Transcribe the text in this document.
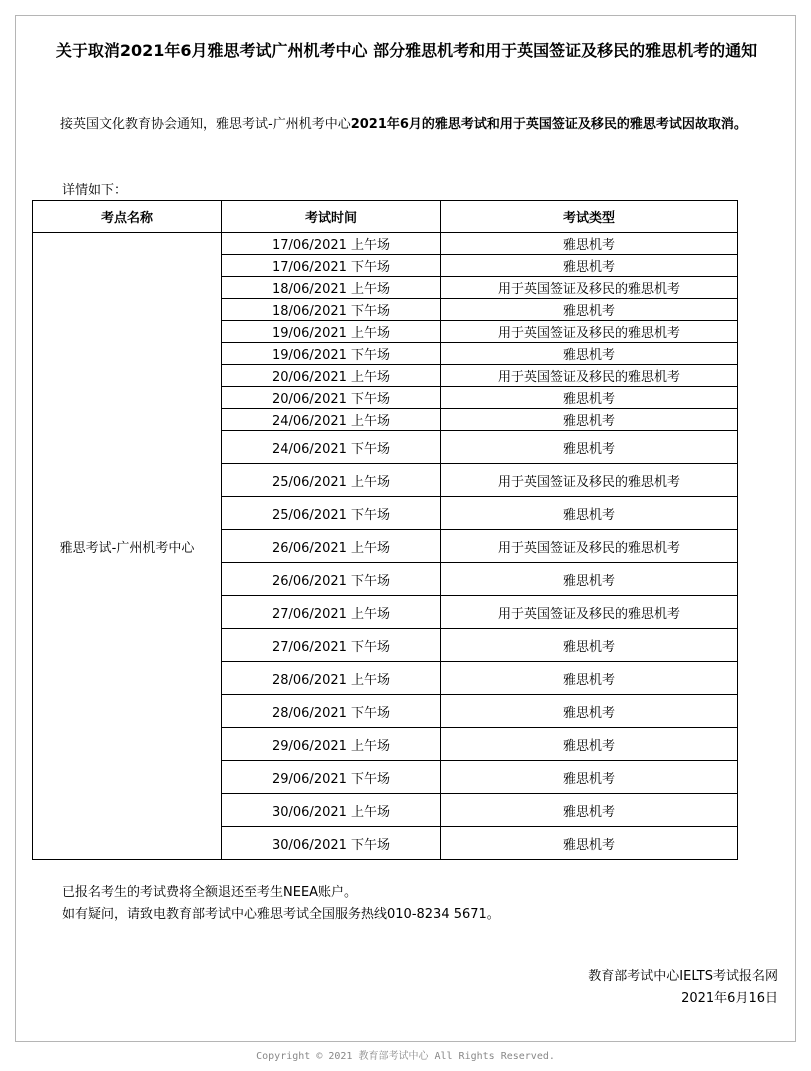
关于取消2021年6月雅思考试广州机考中心 部分雅思机考和用于英国签证及移民的雅思机考的通知
接英国文化教育协会通知，雅思考试-广州机考中心2021年6月的雅思考试和用于英国签证及移民的雅思考试因故取消。
详情如下：
考点名称	考试时间	考试类型
雅思考试-广州机考中心	17/06/2021 上午场	雅思机考
	17/06/2021 下午场	雅思机考
	18/06/2021 上午场	用于英国签证及移民的雅思机考
	18/06/2021 下午场	雅思机考
	19/06/2021 上午场	用于英国签证及移民的雅思机考
	19/06/2021 下午场	雅思机考
	20/06/2021 上午场	用于英国签证及移民的雅思机考
	20/06/2021 下午场	雅思机考
	24/06/2021 上午场	雅思机考
	24/06/2021 下午场	雅思机考
	25/06/2021 上午场	用于英国签证及移民的雅思机考
	25/06/2021 下午场	雅思机考
	26/06/2021 上午场	用于英国签证及移民的雅思机考
	26/06/2021 下午场	雅思机考
	27/06/2021 上午场	用于英国签证及移民的雅思机考
	27/06/2021 下午场	雅思机考
	28/06/2021 上午场	雅思机考
	28/06/2021 下午场	雅思机考
	29/06/2021 上午场	雅思机考
	29/06/2021 下午场	雅思机考
	30/06/2021 上午场	雅思机考
	30/06/2021 下午场	雅思机考
已报名考生的考试费将全额退还至考生NEEA账户。
如有疑问，请致电教育部考试中心雅思考试全国服务热线010-8234 5671。
教育部考试中心IELTS考试报名网
2021年6月16日
Copyright © 2021 教育部考试中心 All Rights Reserved.
